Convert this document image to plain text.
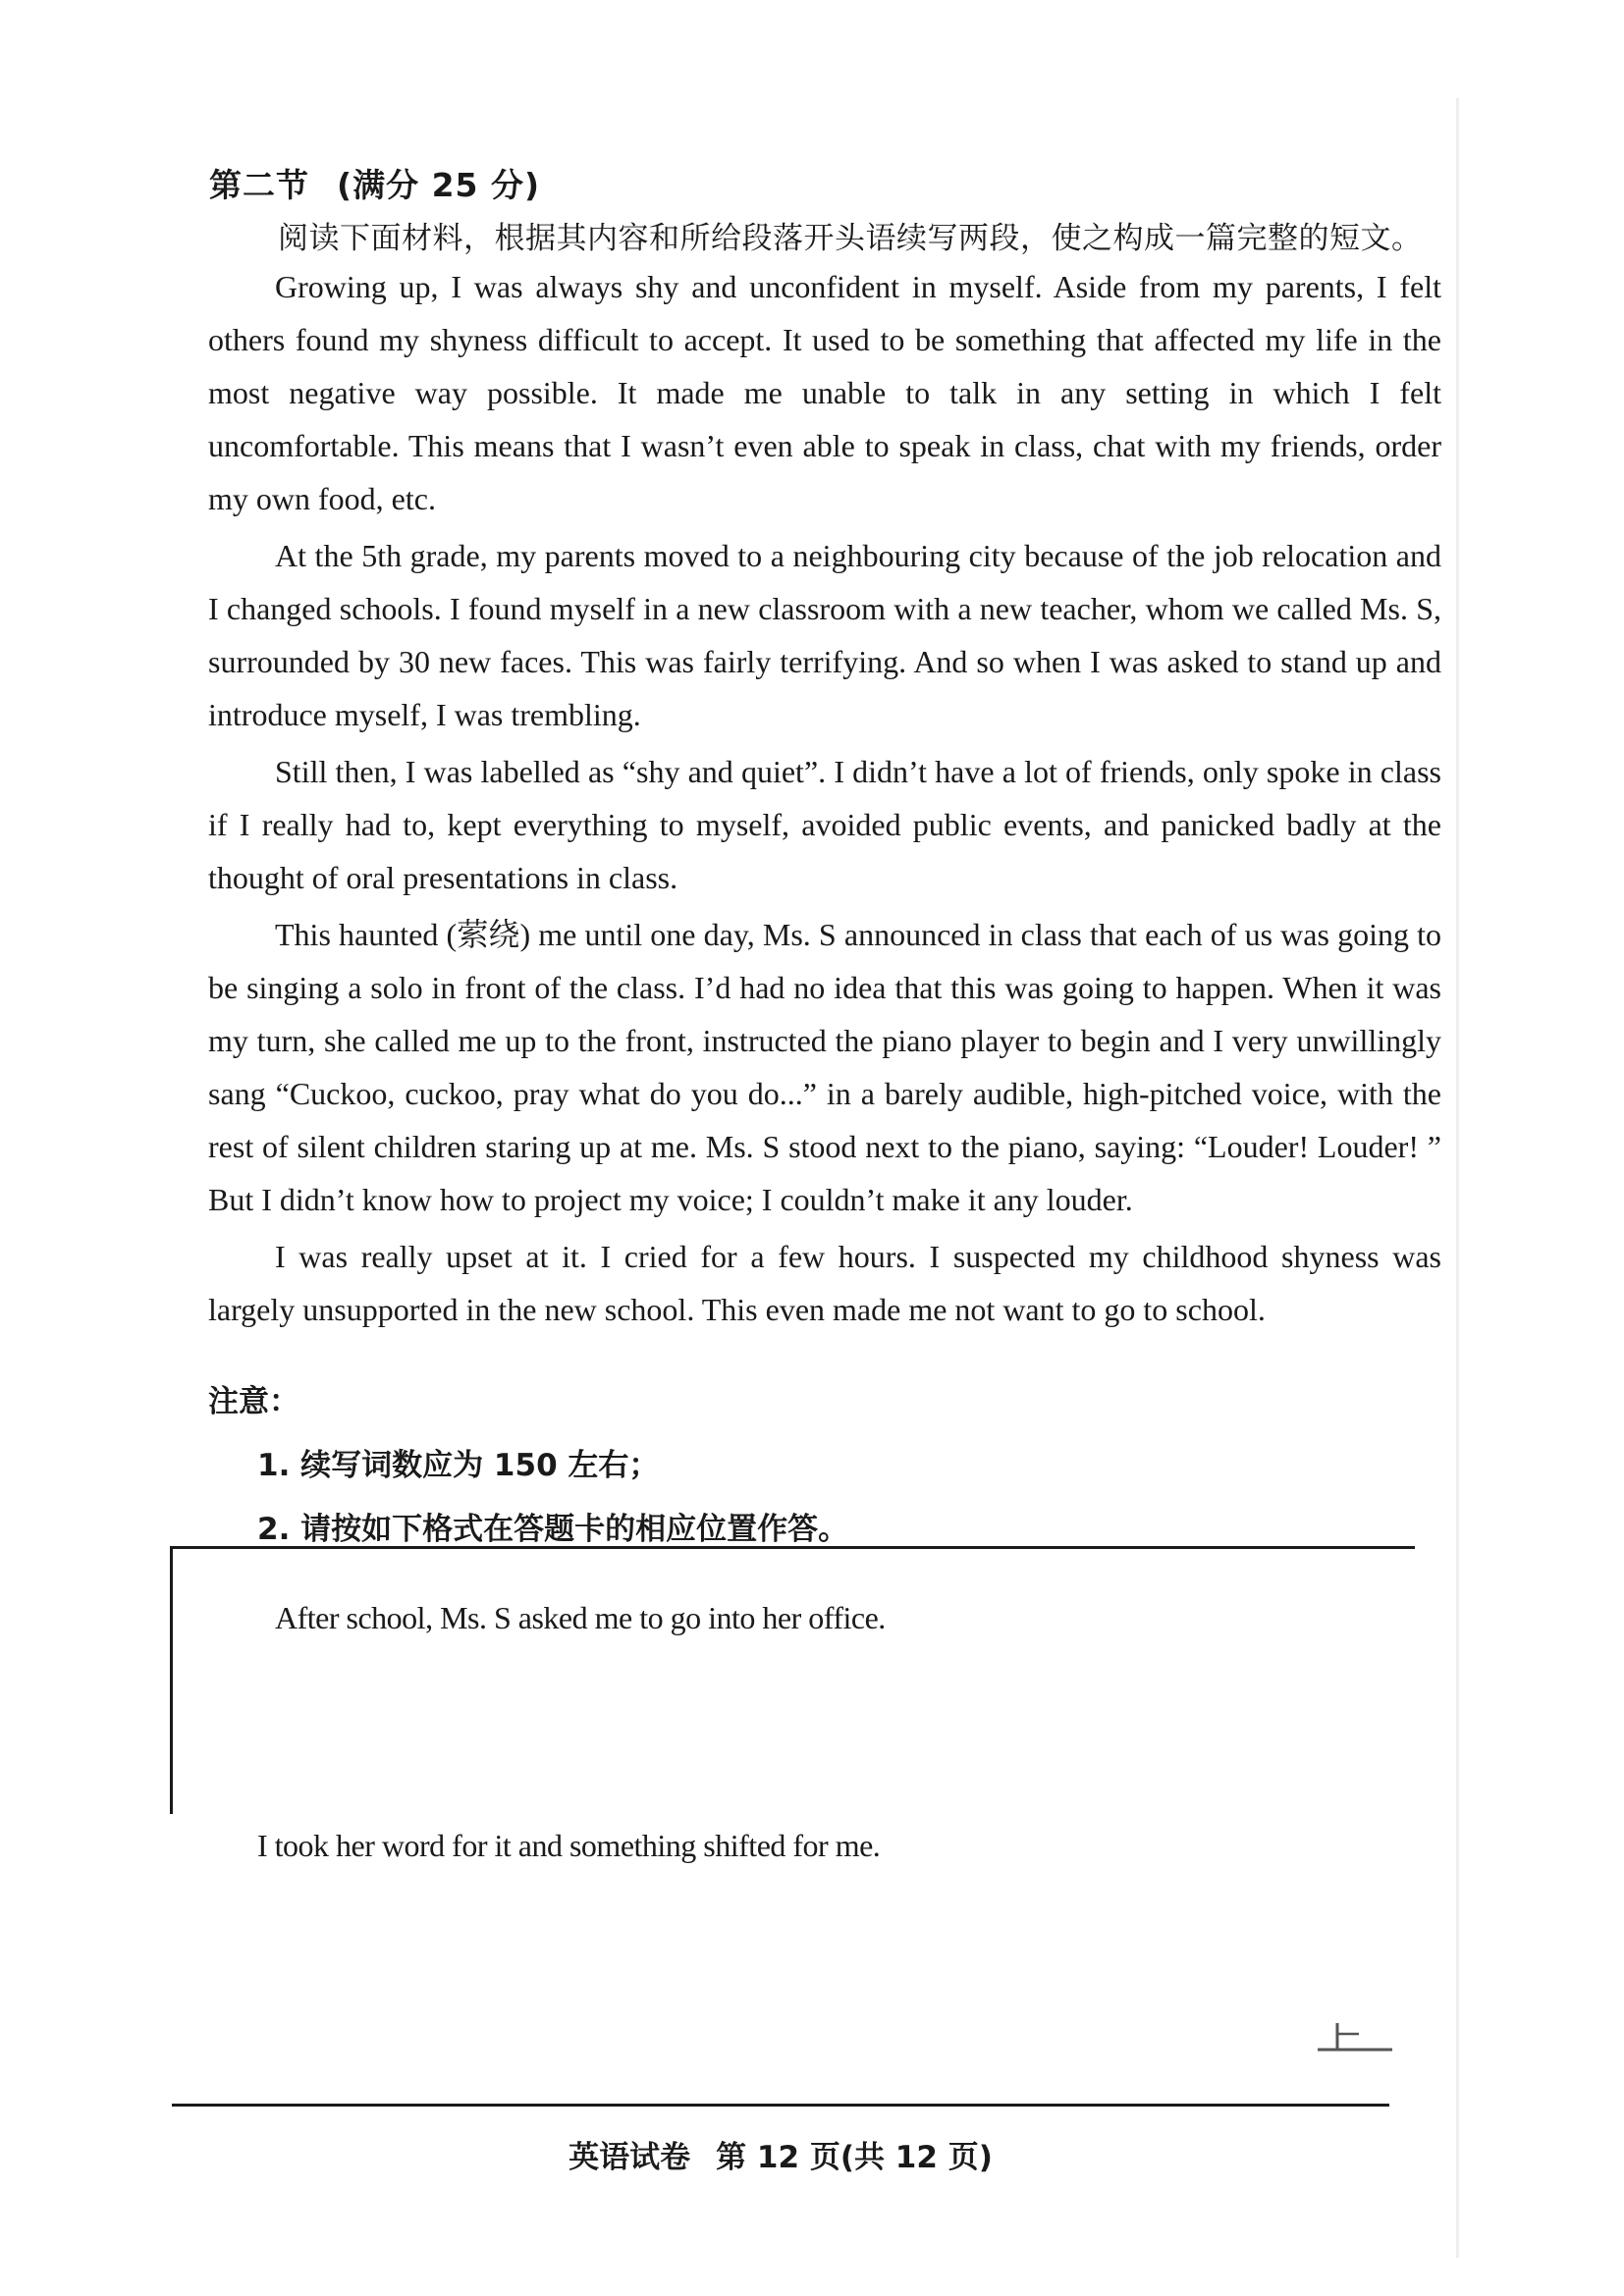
第二节 (满分 25 分)
阅读下面材料，根据其内容和所给段落开头语续写两段，使之构成一篇完整的短文。

Growing up, I was always shy and unconfident in myself. Aside from my parents, I felt others found my shyness difficult to accept. It used to be something that affected my life in the most negative way possible. It made me unable to talk in any setting in which I felt uncomfortable. This means that I wasn’t even able to speak in class, chat with my friends, order my own food, etc.

At the 5th grade, my parents moved to a neighbouring city because of the job relocation and I changed schools. I found myself in a new classroom with a new teacher, whom we called Ms. S, surrounded by 30 new faces. This was fairly terrifying. And so when I was asked to stand up and introduce myself, I was trembling.

Still then, I was labelled as “shy and quiet”. I didn’t have a lot of friends, only spoke in class if I really had to, kept everything to myself, avoided public events, and panicked badly at the thought of oral presentations in class.

This haunted (萦绕) me until one day, Ms. S announced in class that each of us was going to be singing a solo in front of the class. I’d had no idea that this was going to happen. When it was my turn, she called me up to the front, instructed the piano player to begin and I very unwillingly sang “Cuckoo, cuckoo, pray what do you do...” in a barely audible, high-pitched voice, with the rest of silent children staring up at me. Ms. S stood next to the piano, saying: “Louder! Louder! ” But I didn’t know how to project my voice; I couldn’t make it any louder.

I was really upset at it. I cried for a few hours. I suspected my childhood shyness was largely unsupported in the new school. This even made me not want to go to school.

注意：
1. 续写词数应为 150 左右；
2. 请按如下格式在答题卡的相应位置作答。
After school, Ms. S asked me to go into her office.
I took her word for it and something shifted for me.
英语试卷 第 12 页(共 12 页)
